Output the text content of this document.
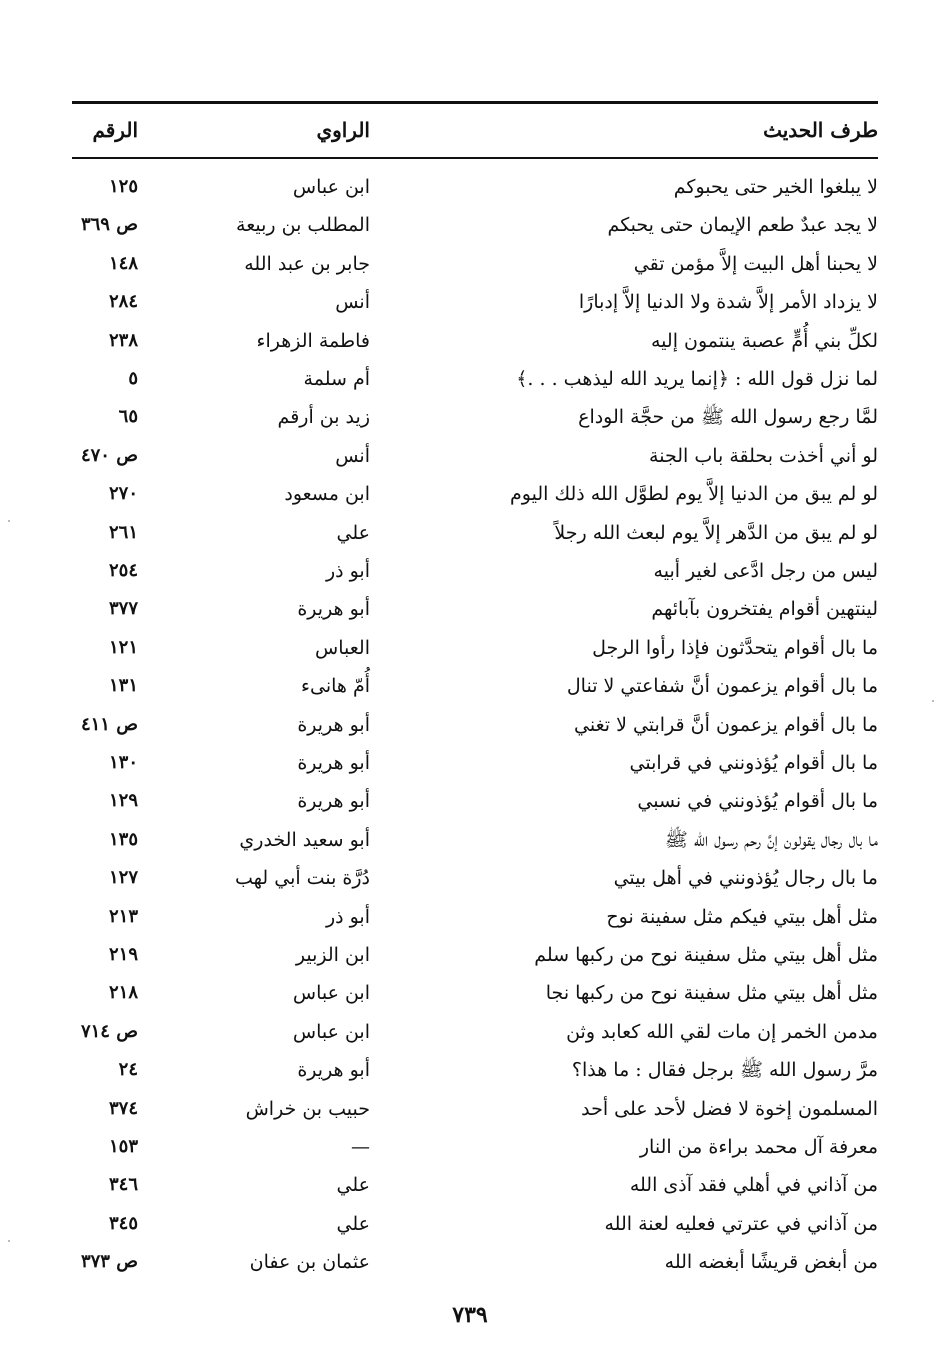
طرف الحديث
الراوي
الرقم
لا يبلغوا الخير حتى يحبوكم
ابن عباس
١٢٥
لا يجد عبدٌ طعم الإيمان حتى يحبكم
المطلب بن ربيعة
ص ٣٦٩
لا يحبنا أهل البيت إلاَّ مؤمن تقي
جابر بن عبد الله
١٤٨
لا يزداد الأمر إلاَّ شدة ولا الدنيا إلاَّ إدبارًا
أنس
٢٨٤
لكلِّ بني أُمٍّ عصبة ينتمون إليه
فاطمة الزهراء
٢٣٨
لما نزل قول الله : ﴿إنما يريد الله ليذهب . . .﴾
أم سلمة
٥
لمَّا رجع رسول الله ﷺ من حجَّة الوداع
زيد بن أرقم
٦٥
لو أني أخذت بحلقة باب الجنة
أنس
ص ٤٧٠
لو لم يبق من الدنيا إلاَّ يوم لطوَّل الله ذلك اليوم
ابن مسعود
٢٧٠
لو لم يبق من الدَّهر إلاَّ يوم لبعث الله رجلاً
علي
٢٦١
ليس من رجل ادَّعى لغير أبيه
أبو ذر
٢٥٤
لينتهين أقوام يفتخرون بآبائهم
أبو هريرة
٣٧٧
ما بال أقوام يتحدَّثون فإذا رأوا الرجل
العباس
١٢١
ما بال أقوام يزعمون أنَّ شفاعتي لا تنال
أُمّ هانىء
١٣١
ما بال أقوام يزعمون أنَّ قرابتي لا تغني
أبو هريرة
ص ٤١١
ما بال أقوام يُؤذونني في قرابتي
أبو هريرة
١٣٠
ما بال أقوام يُؤذونني في نسبي
أبو هريرة
١٢٩
ما بال رجال يقولون إنَّ رحم رسول الله ﷺ
أبو سعيد الخدري
١٣٥
ما بال رجال يُؤذونني في أهل بيتي
دُرَّة بنت أبي لهب
١٢٧
مثل أهل بيتي فيكم مثل سفينة نوح
أبو ذر
٢١٣
مثل أهل بيتي مثل سفينة نوح من ركبها سلم
ابن الزبير
٢١٩
مثل أهل بيتي مثل سفينة نوح من ركبها نجا
ابن عباس
٢١٨
مدمن الخمر إن مات لقي الله كعابد وثن
ابن عباس
ص ٧١٤
مرَّ رسول الله ﷺ برجل فقال : ما هذا؟
أبو هريرة
٢٤
المسلمون إخوة لا فضل لأحد على أحد
حبيب بن خراش
٣٧٤
معرفة آل محمد براءة من النار
—
١٥٣
من آذاني في أهلي فقد آذى الله
علي
٣٤٦
من آذاني في عترتي فعليه لعنة الله
علي
٣٤٥
من أبغض قريشًا أبغضه الله
عثمان بن عفان
ص ٣٧٣
٧٣٩
